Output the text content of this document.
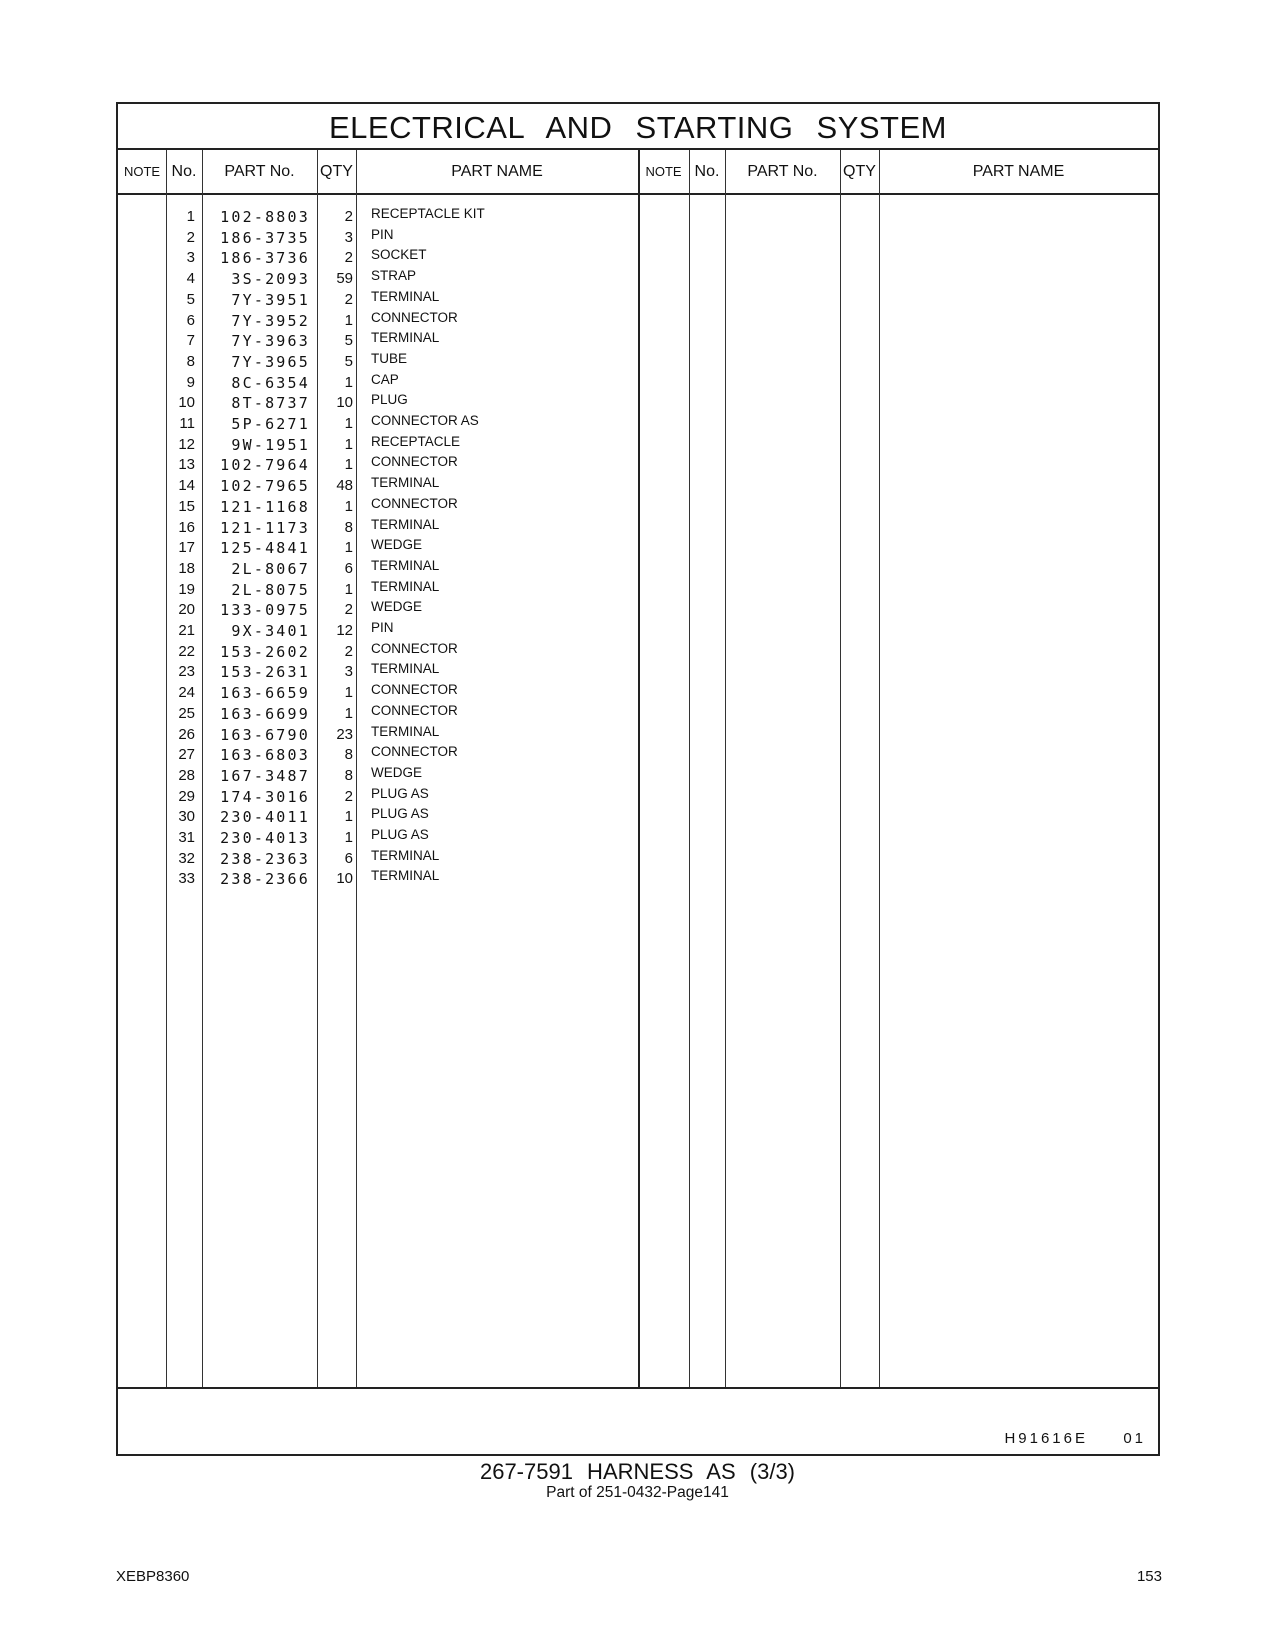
ELECTRICAL AND STARTING SYSTEM
NOTE No.	PART No.	QTY	PART NAME	NOTE No.	PART No.	QTY	PART NAME
1	102-8803	2 RECEPTACLE KIT
2	186-3735	3 PIN
3	186-3736	2 SOCKET
4	3S-2093	59 STRAP
5	7Y-3951	2 TERMINAL
6	7Y-3952	1 CONNECTOR
7	7Y-3963	5 TERMINAL
8	7Y-3965	5 TUBE
9	8C-6354	1 CAP
10	8T-8737	10 PLUG
11	5P-6271	1 CONNECTOR AS
12	9W-1951	1 RECEPTACLE
13	102-7964	1 CONNECTOR
14	102-7965	48 TERMINAL
15	121-1168	1 CONNECTOR
16	121-1173	8 TERMINAL
17	125-4841	1 WEDGE
18	2L-8067	6 TERMINAL
19	2L-8075	1 TERMINAL
20	133-0975	2 WEDGE
21	9X-3401	12 PIN
22	153-2602	2 CONNECTOR
23	153-2631	3 TERMINAL
24	163-6659	1 CONNECTOR
25	163-6699	1 CONNECTOR
26	163-6790	23 TERMINAL
27	163-6803	8 CONNECTOR
28	167-3487	8 WEDGE
29	174-3016	2 PLUG AS
30	230-4011	1 PLUG AS
31	230-4013	1 PLUG AS
32	238-2363	6 TERMINAL
33	238-2366	10 TERMINAL
H91616E 01
267-7591 HARNESS AS (3/3)
Part of 251-0432-Page141
XEBP8360	153
